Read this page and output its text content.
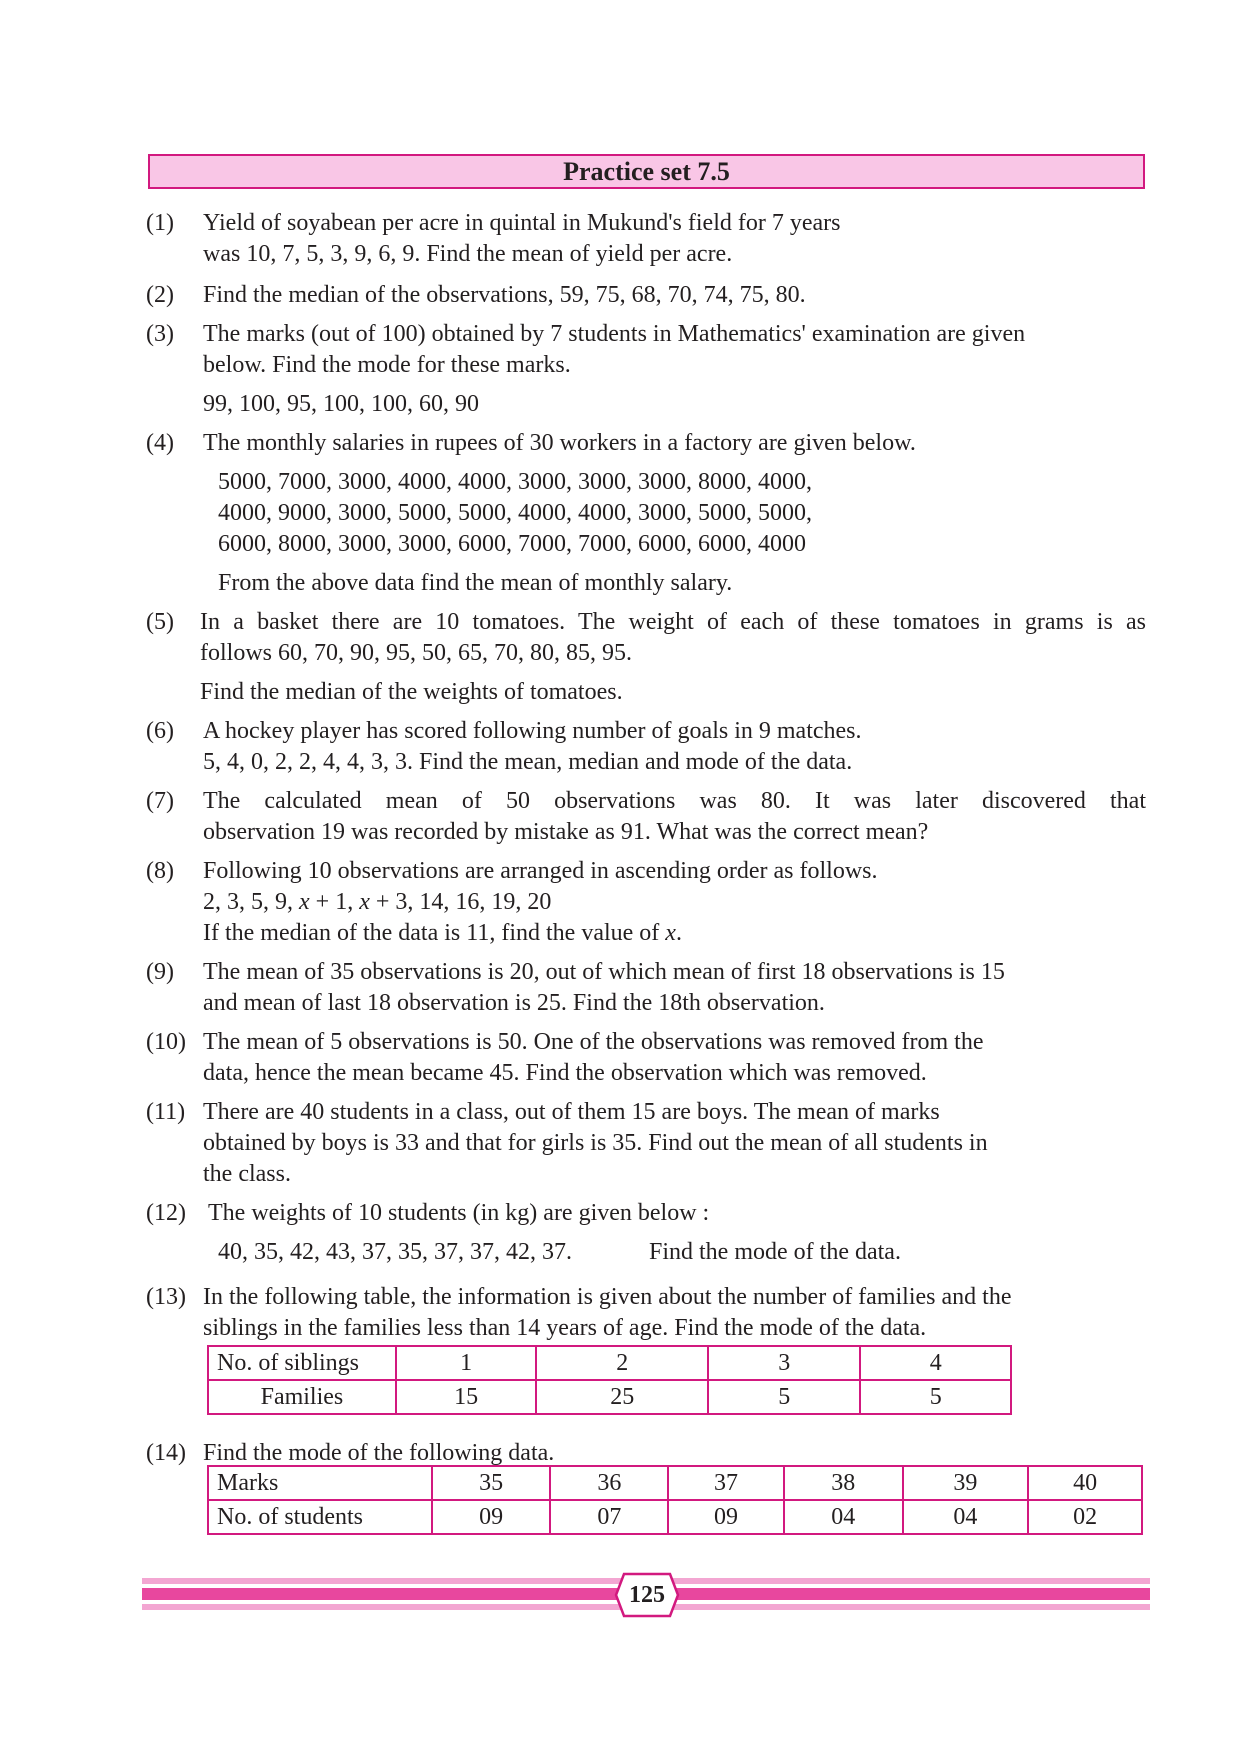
Practice set 7.5
(1) Yield of soyabean per acre in quintal in Mukund's field for 7 years
was 10, 7, 5, 3, 9, 6, 9. Find the mean of yield per acre.
(2) Find the median of the observations, 59, 75, 68, 70, 74, 75, 80.
(3) The marks (out of 100) obtained by 7 students in Mathematics' examination are given
below. Find the mode for these marks.
99, 100, 95, 100, 100, 60, 90
(4) The monthly salaries in rupees of 30 workers in a factory are given below.
5000, 7000, 3000, 4000, 4000, 3000, 3000, 3000, 8000, 4000,
4000, 9000, 3000, 5000, 5000, 4000, 4000, 3000, 5000, 5000,
6000, 8000, 3000, 3000, 6000, 7000, 7000, 6000, 6000, 4000
From the above data find the mean of monthly salary.
(5) In a basket there are 10 tomatoes. The weight of each of these tomatoes in grams is as
follows 60, 70, 90, 95, 50, 65, 70, 80, 85, 95.
Find the median of the weights of tomatoes.
(6) A hockey player has scored following number of goals in 9 matches.
5, 4, 0, 2, 2, 4, 4, 3, 3. Find the mean, median and mode of the data.
(7) The calculated mean of 50 observations was 80. It was later discovered that
observation 19 was recorded by mistake as 91. What was the correct mean?
(8) Following 10 observations are arranged in ascending order as follows.
2, 3, 5, 9, x + 1, x + 3, 14, 16, 19, 20
If the median of the data is 11, find the value of x.
(9) The mean of 35 observations is 20, out of which mean of first 18 observations is 15
and mean of last 18 observation is 25. Find the 18th observation.
(10) The mean of 5 observations is 50. One of the observations was removed from the
data, hence the mean became 45. Find the observation which was removed.
(11) There are 40 students in a class, out of them 15 are boys. The mean of marks
obtained by boys is 33 and that for girls is 35. Find out the mean of all students in
the class.
(12) The weights of 10 students (in kg) are given below :
40, 35, 42, 43, 37, 35, 37, 37, 42, 37.	Find the mode of the data.
(13) In the following table, the information is given about the number of families and the
siblings in the families less than 14 years of age. Find the mode of the data.
No. of siblings	1	2	3	4
Families	15	25	5	5
(14) Find the mode of the following data.
Marks	35	36	37	38	39	40
No. of students	09	07	09	04	04	02
125
